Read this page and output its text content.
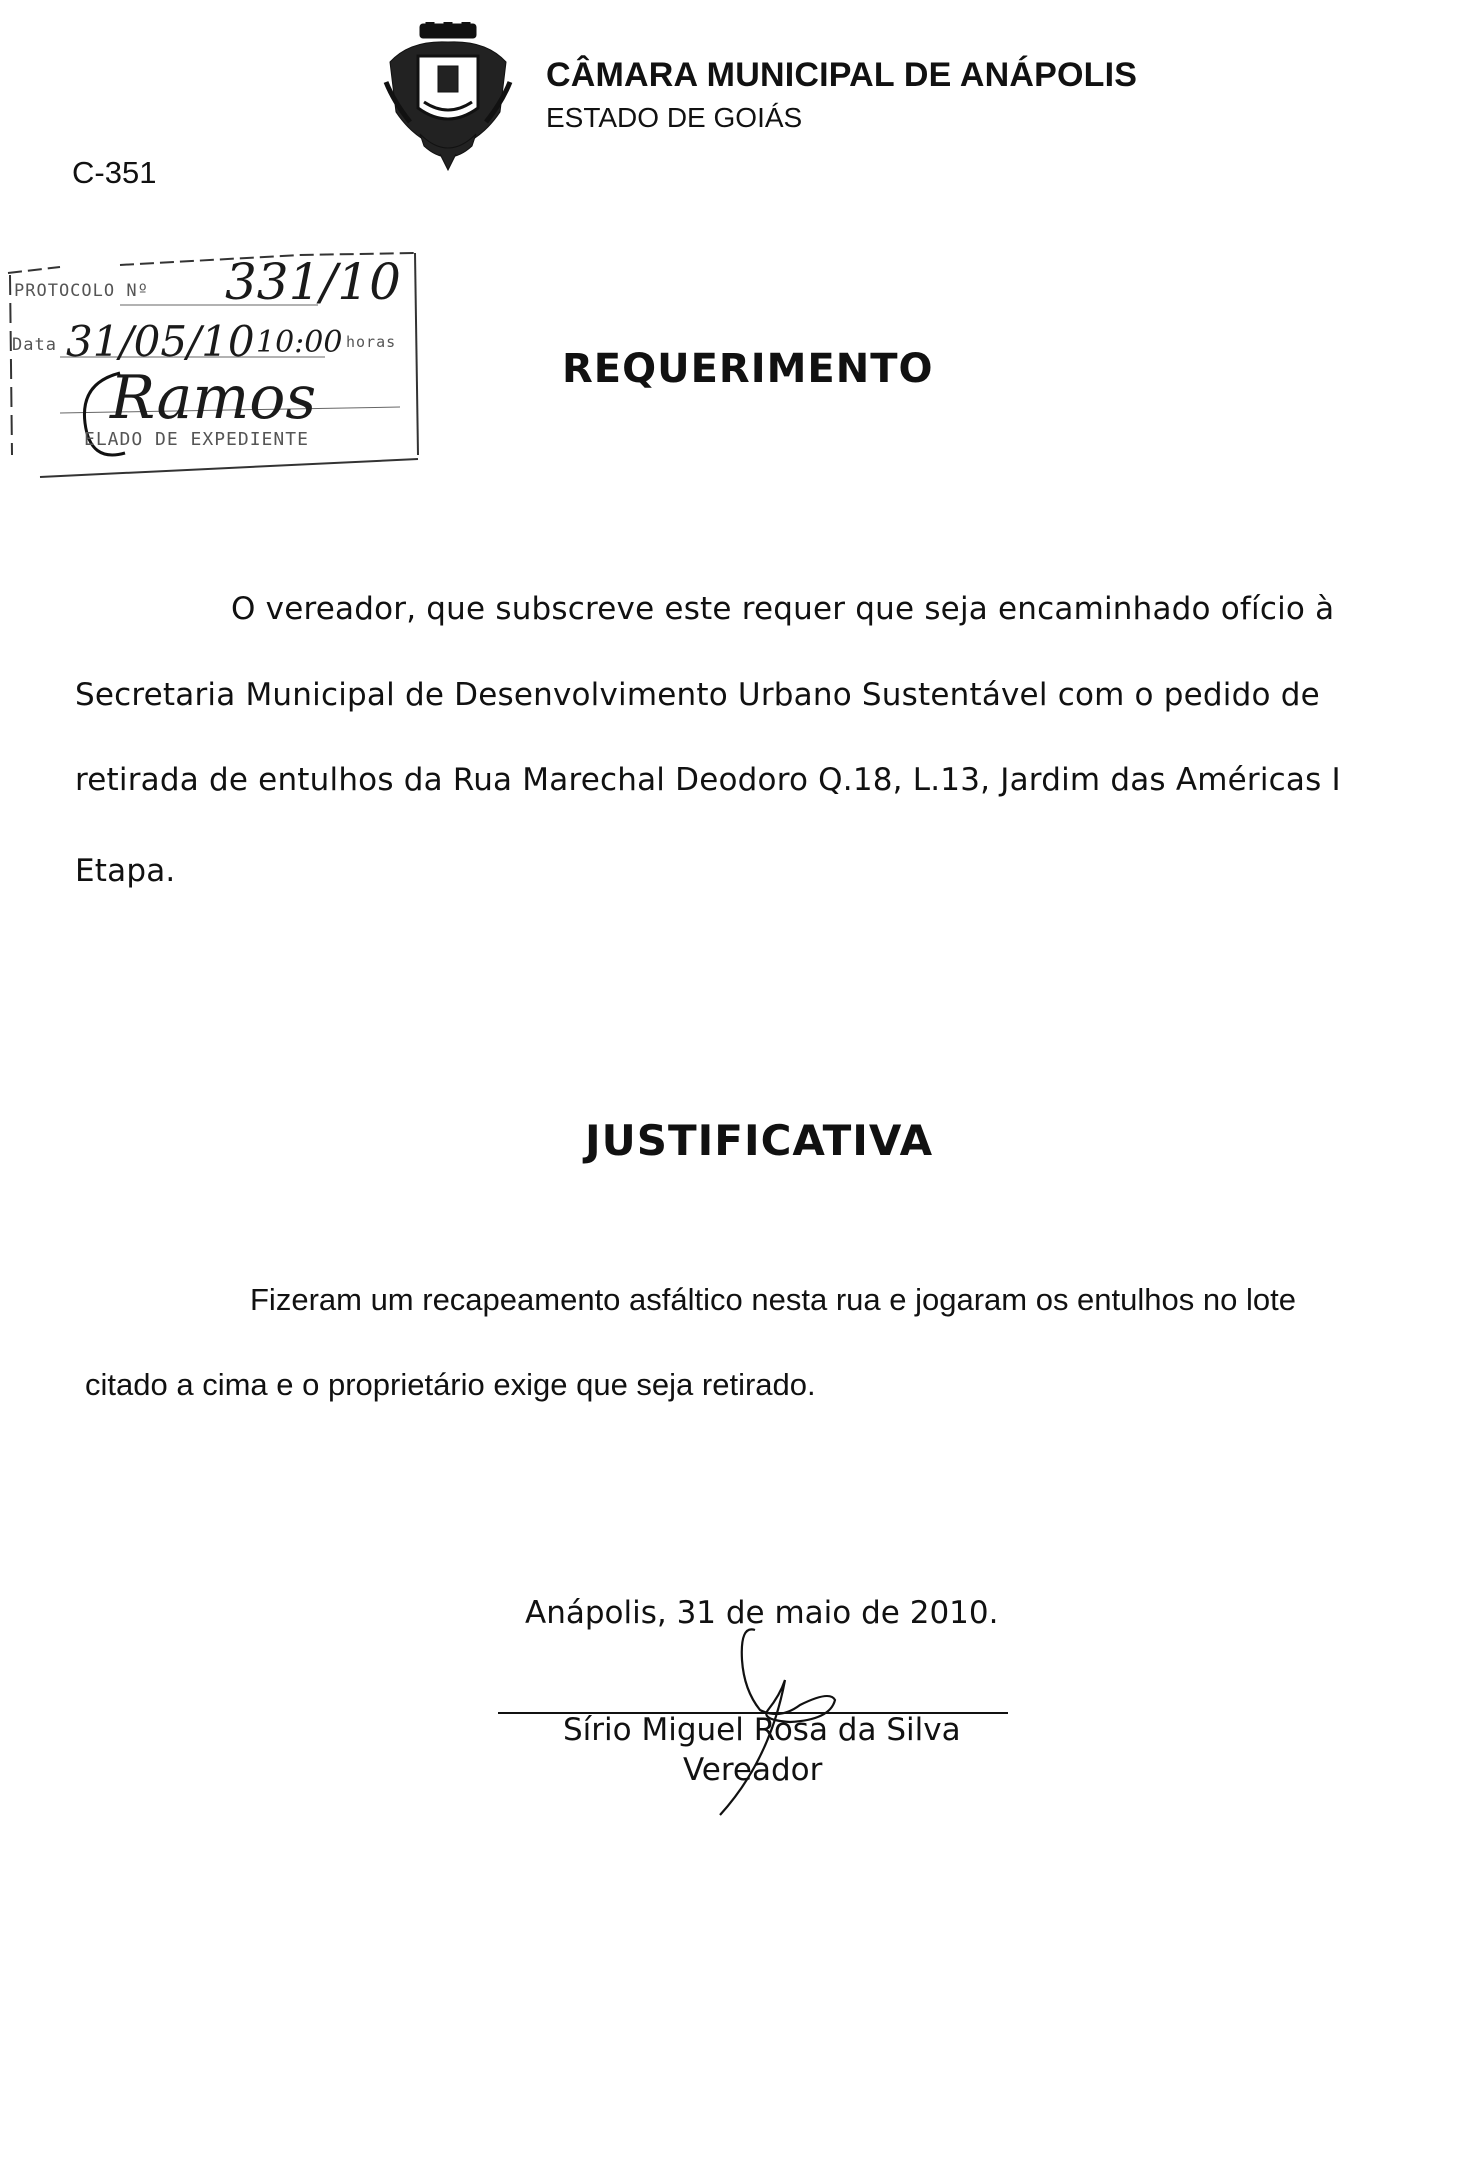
CÂMARA MUNICIPAL DE ANÁPOLIS
ESTADO DE GOIÁS
C-351
PROTOCOLO Nº 331/10
Data 31/05/10 10:00 horas
Ramos
ELADO DE EXPEDIENTE
REQUERIMENTO
O vereador, que subscreve este requer que seja encaminhado ofício à
Secretaria Municipal de Desenvolvimento Urbano Sustentável com o pedido de
retirada de entulhos da Rua Marechal Deodoro Q.18, L.13, Jardim das Américas I
Etapa.
JUSTIFICATIVA
Fizeram um recapeamento asfáltico nesta rua e jogaram os entulhos no lote
citado a cima e o proprietário exige que seja retirado.
Anápolis, 31 de maio de 2010.
Sírio Miguel Rosa da Silva
Vereador
